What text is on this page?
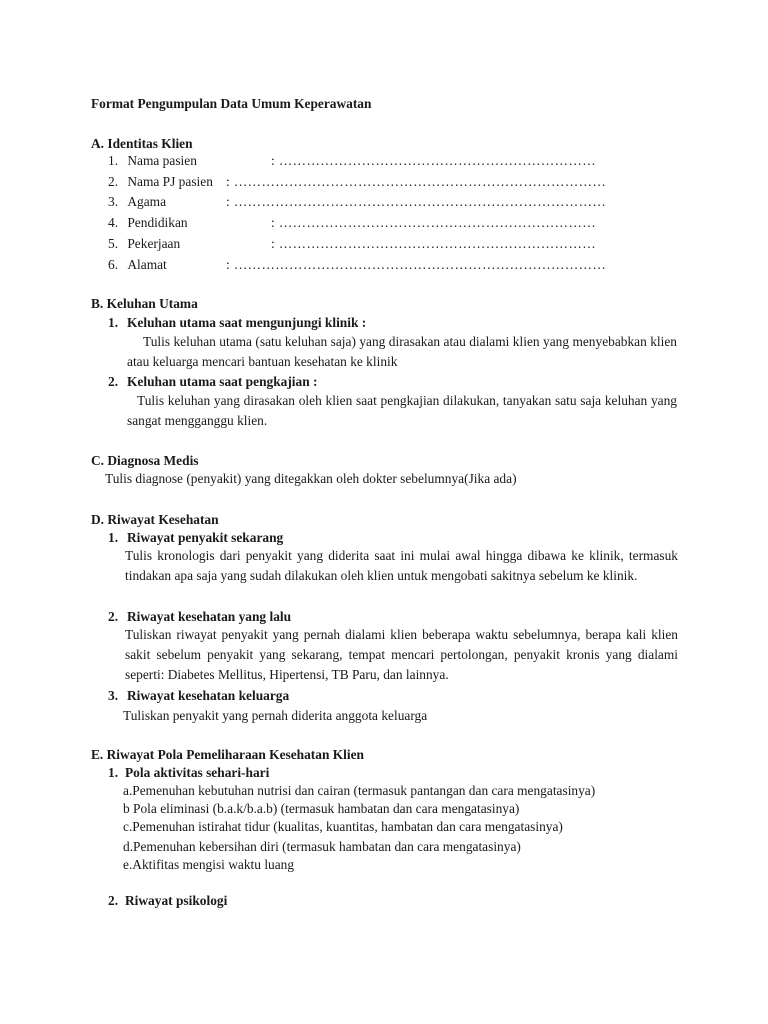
Format Pengumpulan Data Umum Keperawatan
A. Identitas Klien
1. Nama pasien	: ……………………………………………………………
2. Nama PJ pasien : ………………………………………………………………………
3. Agama	: ………………………………………………………………………
4. Pendidikan	: ……………………………………………………………
5. Pekerjaan	: ……………………………………………………………
6. Alamat	: ………………………………………………………………………
B. Keluhan Utama
1. Keluhan utama saat mengunjungi klinik :
Tulis keluhan utama (satu keluhan saja) yang dirasakan atau dialami klien yang menyebabkan klien atau keluarga mencari bantuan kesehatan ke klinik
2. Keluhan utama saat pengkajian :
Tulis keluhan yang dirasakan oleh klien saat pengkajian dilakukan, tanyakan satu saja keluhan yang sangat mengganggu klien.
C. Diagnosa Medis
Tulis diagnose (penyakit) yang ditegakkan oleh dokter sebelumnya(Jika ada)
D. Riwayat Kesehatan
1. Riwayat penyakit sekarang
Tulis kronologis dari penyakit yang diderita saat ini mulai awal hingga dibawa ke klinik, termasuk tindakan apa saja yang sudah dilakukan oleh klien untuk mengobati sakitnya sebelum ke klinik.
2. Riwayat kesehatan yang lalu
Tuliskan riwayat penyakit yang pernah dialami klien beberapa waktu sebelumnya, berapa kali klien sakit sebelum penyakit yang sekarang, tempat mencari pertolongan, penyakit kronis yang dialami seperti: Diabetes Mellitus, Hipertensi, TB Paru, dan lainnya.
3. Riwayat kesehatan keluarga
Tuliskan penyakit yang pernah diderita anggota keluarga
E. Riwayat Pola Pemeliharaan Kesehatan Klien
1. Pola aktivitas sehari-hari
a.Pemenuhan kebutuhan nutrisi dan cairan (termasuk pantangan dan cara mengatasinya)
b Pola eliminasi (b.a.k/b.a.b) (termasuk hambatan dan cara mengatasinya)
c.Pemenuhan istirahat tidur (kualitas, kuantitas, hambatan dan cara mengatasinya)
d.Pemenuhan kebersihan diri (termasuk hambatan dan cara mengatasinya)
e.Aktifitas mengisi waktu luang
2. Riwayat psikologi
